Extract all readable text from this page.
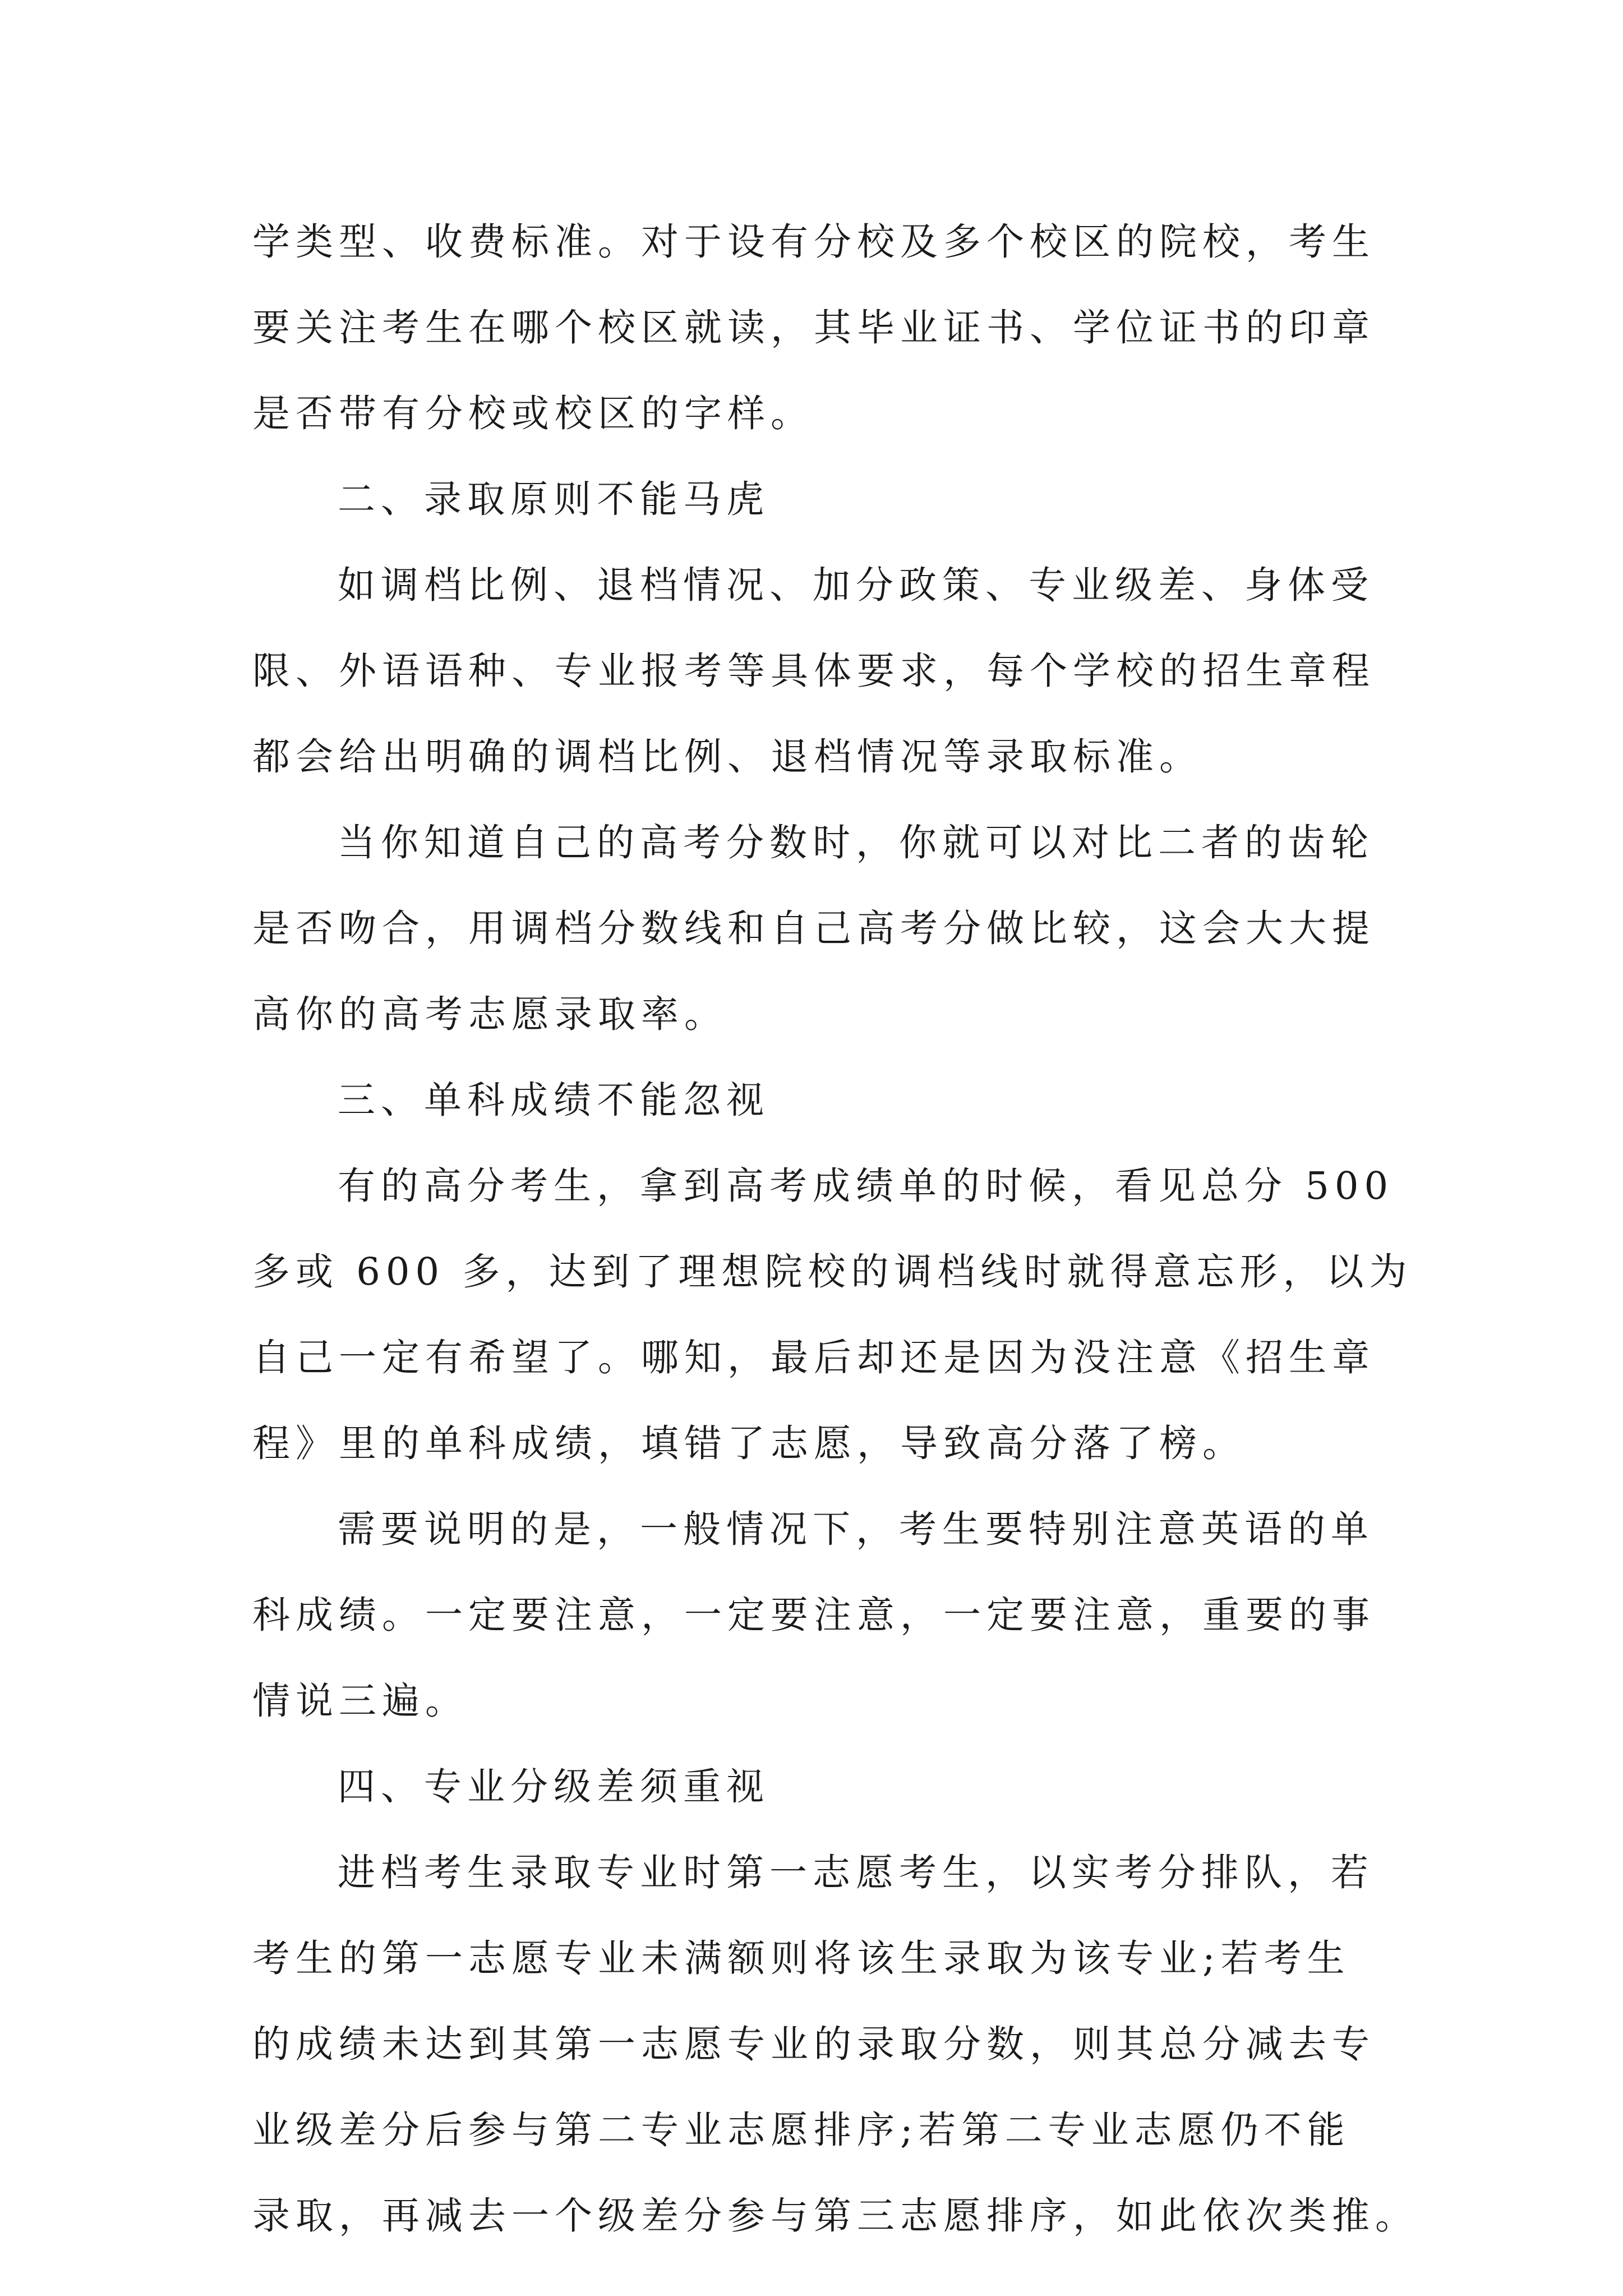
学类型、收费标准。对于设有分校及多个校区的院校，考生
要关注考生在哪个校区就读，其毕业证书、学位证书的印章
是否带有分校或校区的字样。
二、录取原则不能马虎
如调档比例、退档情况、加分政策、专业级差、身体受
限、外语语种、专业报考等具体要求，每个学校的招生章程
都会给出明确的调档比例、退档情况等录取标准。
当你知道自己的高考分数时，你就可以对比二者的齿轮
是否吻合，用调档分数线和自己高考分做比较，这会大大提
高你的高考志愿录取率。
三、单科成绩不能忽视
有的高分考生，拿到高考成绩单的时候，看见总分 500
多或 600 多，达到了理想院校的调档线时就得意忘形，以为
自己一定有希望了。哪知，最后却还是因为没注意《招生章
程》里的单科成绩，填错了志愿，导致高分落了榜。
需要说明的是，一般情况下，考生要特别注意英语的单
科成绩。一定要注意，一定要注意，一定要注意，重要的事
情说三遍。
四、专业分级差须重视
进档考生录取专业时第一志愿考生，以实考分排队，若
考生的第一志愿专业未满额则将该生录取为该专业;若考生
的成绩未达到其第一志愿专业的录取分数，则其总分减去专
业级差分后参与第二专业志愿排序;若第二专业志愿仍不能
录取，再减去一个级差分参与第三志愿排序，如此依次类推。
